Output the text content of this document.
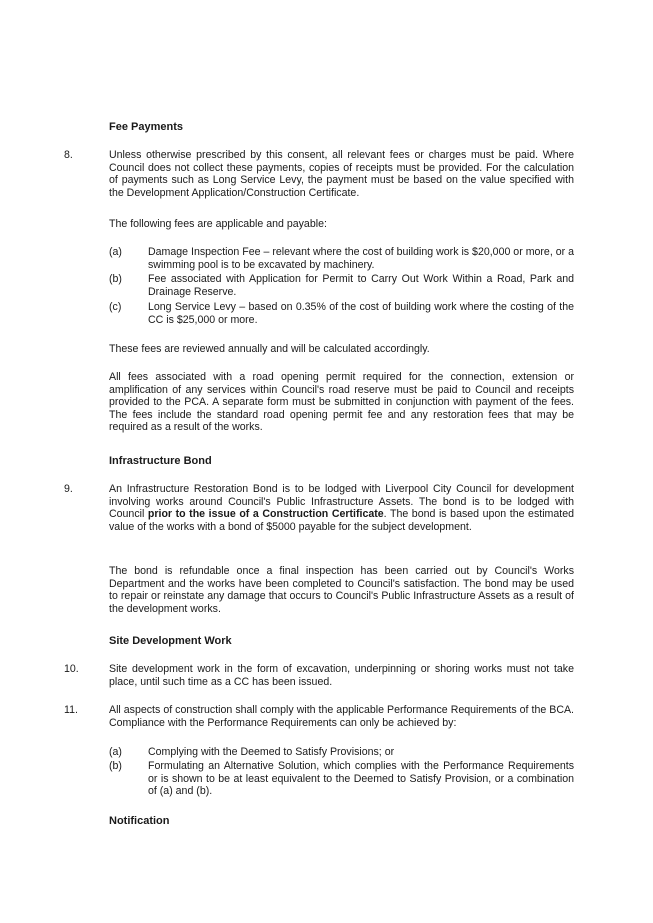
Fee Payments
8.	Unless otherwise prescribed by this consent, all relevant fees or charges must be paid. Where Council does not collect these payments, copies of receipts must be provided. For the calculation of payments such as Long Service Levy, the payment must be based on the value specified with the Development Application/Construction Certificate.
The following fees are applicable and payable:
(a) Damage Inspection Fee – relevant where the cost of building work is $20,000 or more, or a swimming pool is to be excavated by machinery.
(b) Fee associated with Application for Permit to Carry Out Work Within a Road, Park and Drainage Reserve.
(c)	Long Service Levy – based on 0.35% of the cost of building work where the costing of the CC is $25,000 or more.
These fees are reviewed annually and will be calculated accordingly.
All fees associated with a road opening permit required for the connection, extension or amplification of any services within Council's road reserve must be paid to Council and receipts provided to the PCA. A separate form must be submitted in conjunction with payment of the fees. The fees include the standard road opening permit fee and any restoration fees that may be required as a result of the works.
Infrastructure Bond
9.	An Infrastructure Restoration Bond is to be lodged with Liverpool City Council for development involving works around Council's Public Infrastructure Assets. The bond is to be lodged with Council prior to the issue of a Construction Certificate. The bond is based upon the estimated value of the works with a bond of $5000 payable for the subject development.
The bond is refundable once a final inspection has been carried out by Council's Works Department and the works have been completed to Council's satisfaction. The bond may be used to repair or reinstate any damage that occurs to Council's Public Infrastructure Assets as a result of the development works.
Site Development Work
10.	Site development work in the form of excavation, underpinning or shoring works must not take place, until such time as a CC has been issued.
11.	All aspects of construction shall comply with the applicable Performance Requirements of the BCA. Compliance with the Performance Requirements can only be achieved by:
(a) Complying with the Deemed to Satisfy Provisions; or
(b) Formulating an Alternative Solution, which complies with the Performance Requirements or is shown to be at least equivalent to the Deemed to Satisfy Provision, or a combination of (a) and (b).
Notification
